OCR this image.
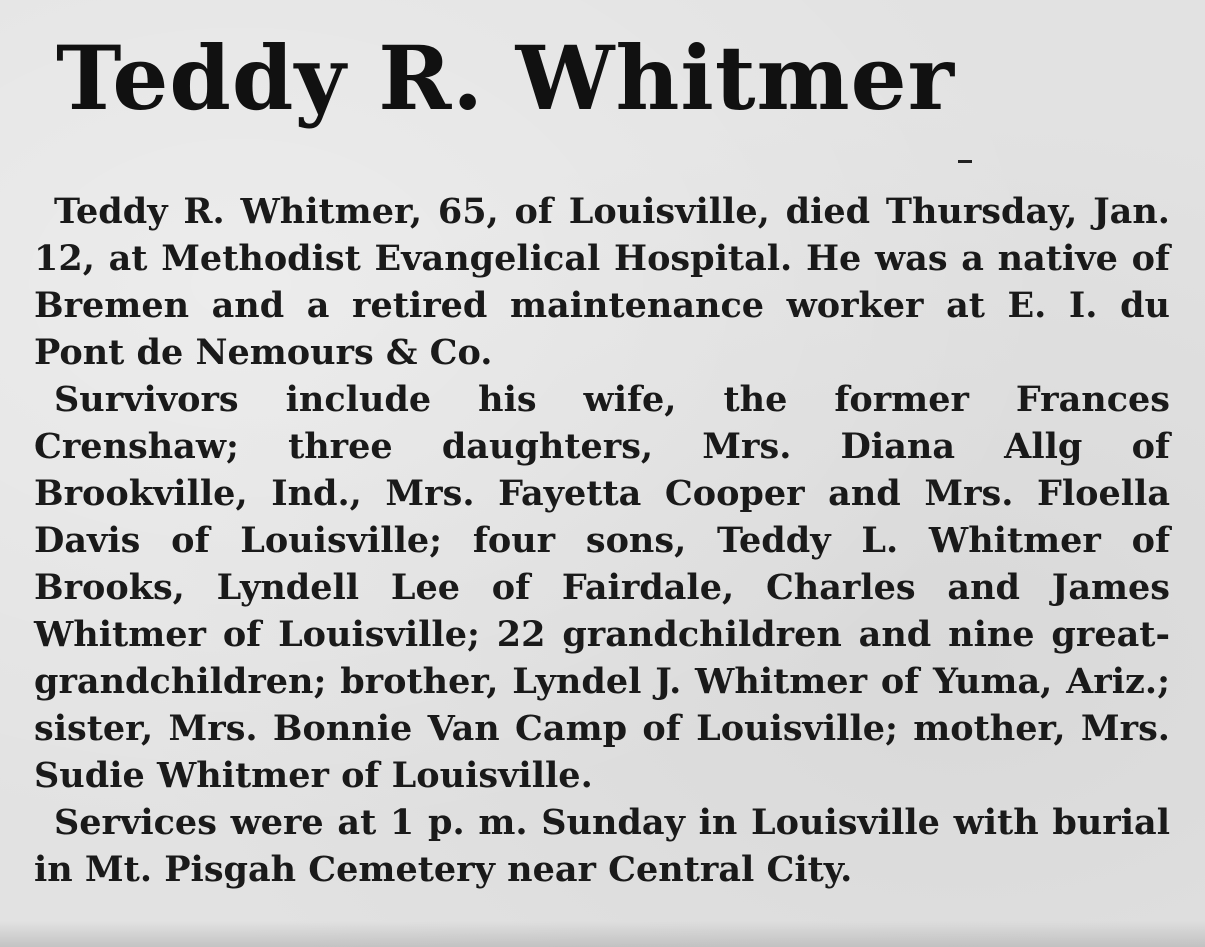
Teddy R. Whitmer

Teddy R. Whitmer, 65, of Louisville, died Thursday, Jan. 12, at Methodist Evangelical Hospital. He was a native of Bremen and a retired maintenance worker at E. I. du Pont de Nemours & Co.

Survivors include his wife, the former Frances Crenshaw; three daughters, Mrs. Diana Allg of Brookville, Ind., Mrs. Fayetta Cooper and Mrs. Floella Davis of Louisville; four sons, Teddy L. Whitmer of Brooks, Lyndell Lee of Fairdale, Charles and James Whitmer of Louisville; 22 grandchildren and nine great-grandchildren; brother, Lyndel J. Whitmer of Yuma, Ariz.; sister, Mrs. Bonnie Van Camp of Louisville; mother, Mrs. Sudie Whitmer of Louisville.

Services were at 1 p. m. Sunday in Louisville with burial in Mt. Pisgah Cemetery near Central City.
